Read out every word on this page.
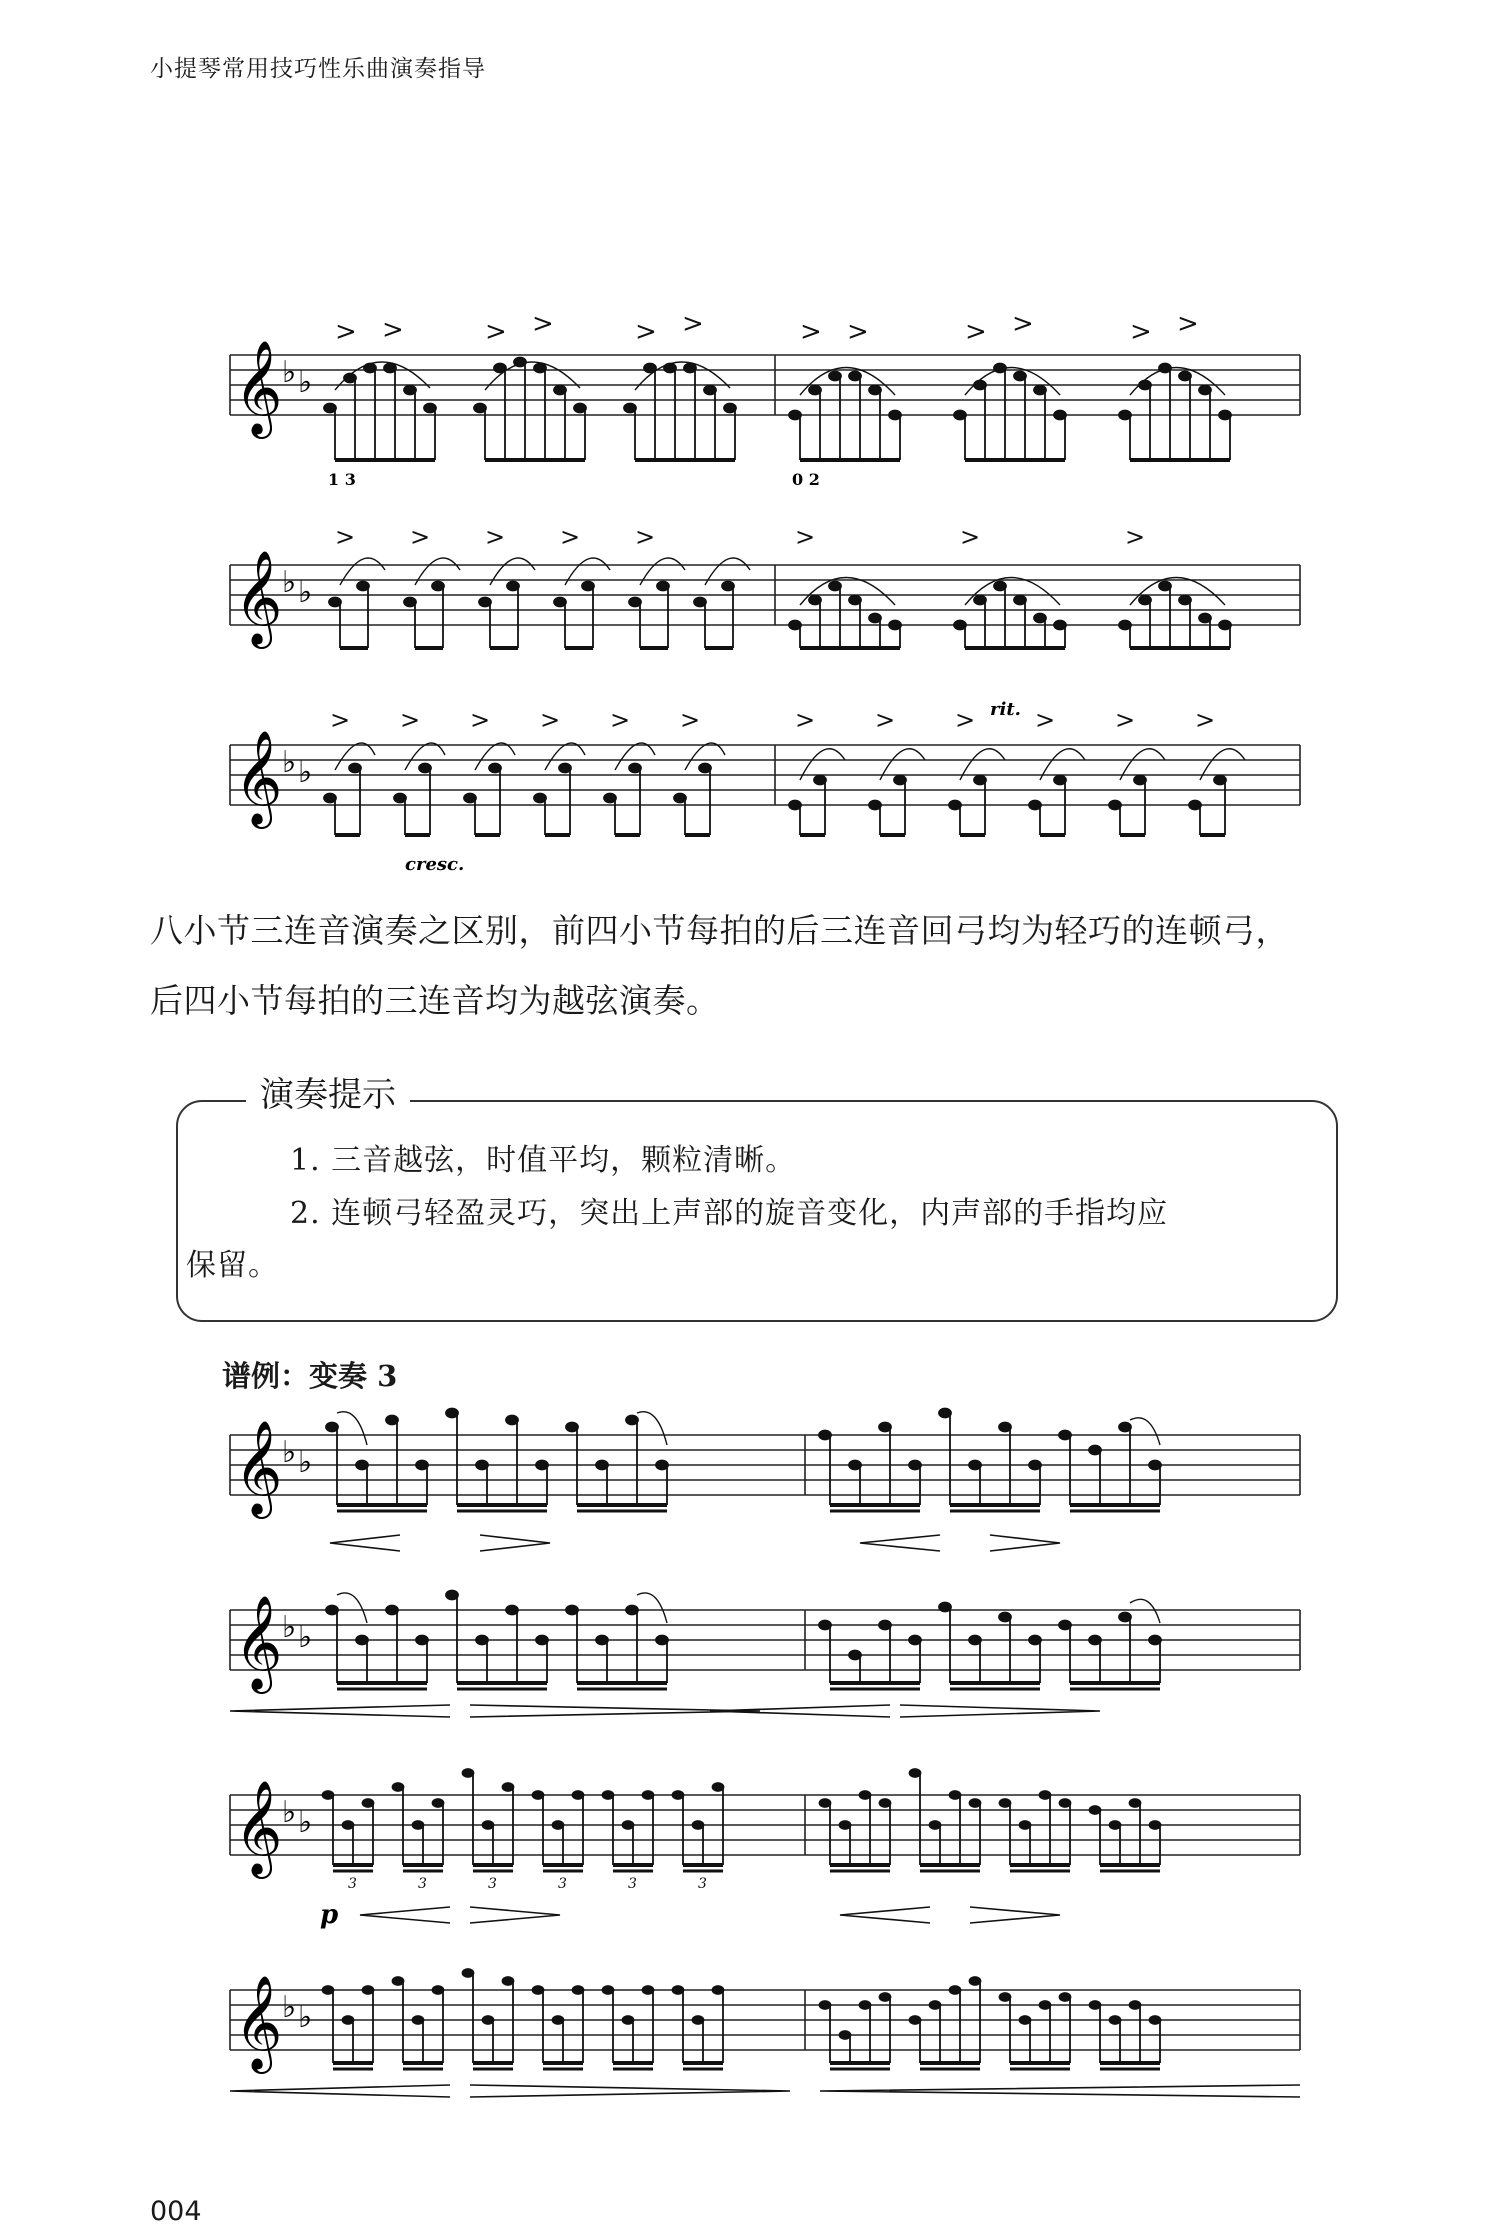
小提琴常用技巧性乐曲演奏指导
𝄞 ♭ ♭
> >	> >	> >	> >	> >	> >
1 3	0 2
𝄞 ♭ ♭
> > > > >	>	>	>
𝄞 ♭ ♭
> > > > > >	> > > > > >
rit.
cresc.
八小节三连音演奏之区别，前四小节每拍的后三连音回弓均为轻巧的连顿弓，
后四小节每拍的三连音均为越弦演奏。
演奏提示
1. 三音越弦，时值平均，颗粒清晰。
2. 连顿弓轻盈灵巧，突出上声部的旋音变化，内声部的手指均应
保留。
谱例：变奏 3
𝄞 ♭ ♭
𝄞 ♭ ♭
𝄞 ♭ ♭
3	3	3	3	3	3
p
𝄞 ♭ ♭
004
